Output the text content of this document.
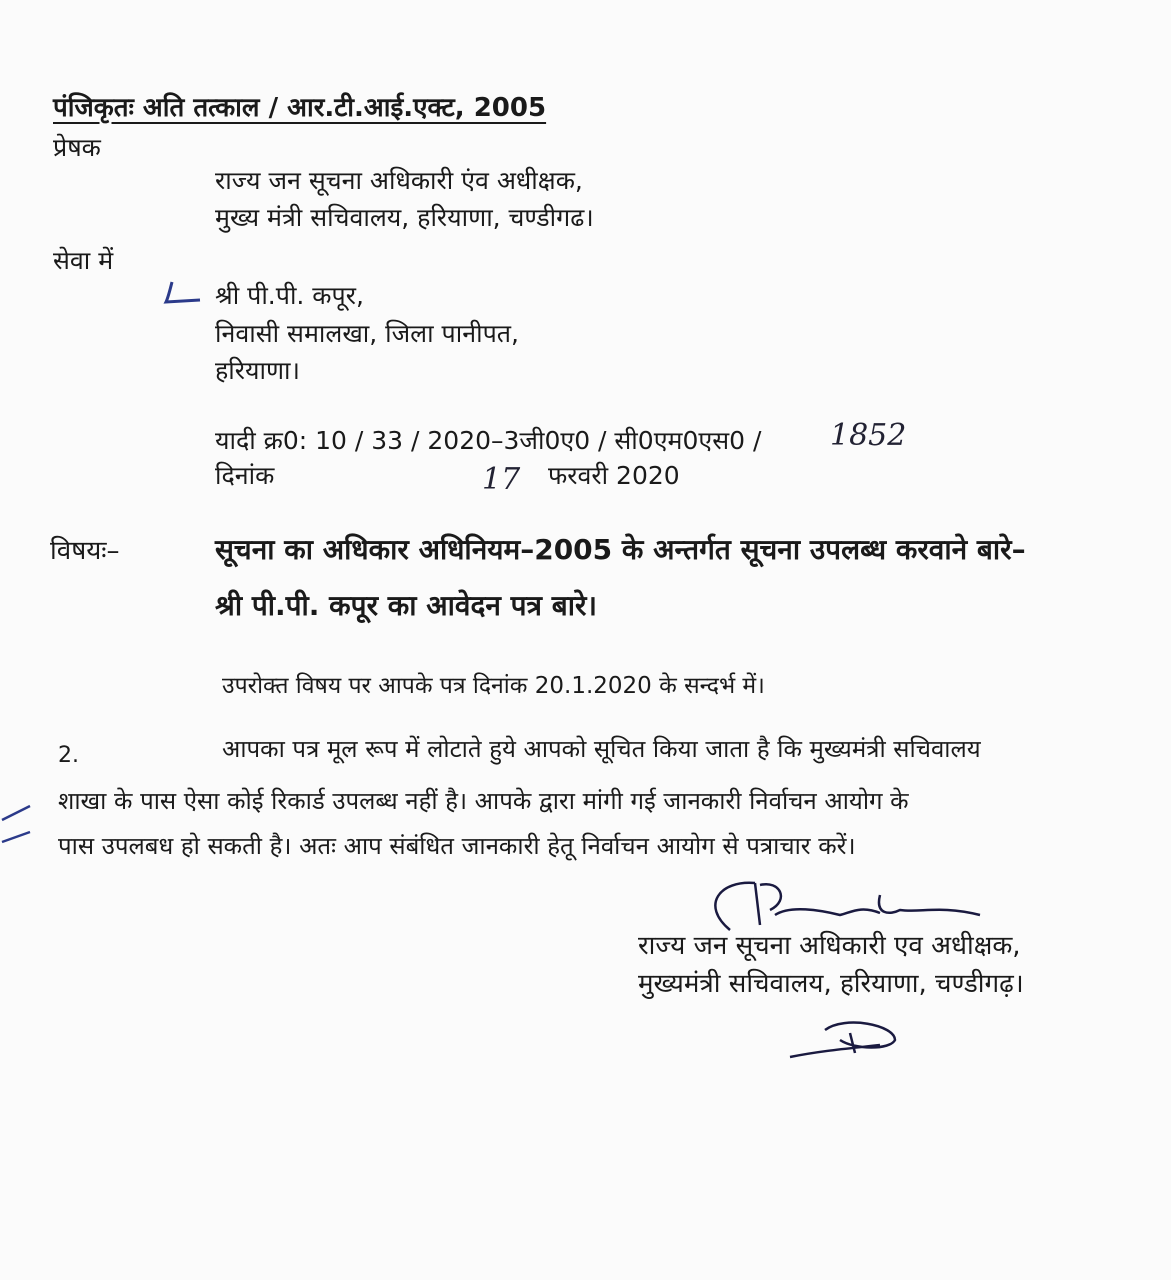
पंजिकृतः अति तत्काल / आर.टी.आई.एक्ट, 2005
प्रेषक
राज्य जन सूचना अधिकारी एंव अधीक्षक,
मुख्य मंत्री सचिवालय, हरियाणा, चण्डीगढ।
सेवा में
श्री पी.पी. कपूर,
निवासी समालखा, जिला पानीपत,
हरियाणा।
यादी क्र0: 10 / 33 / 2020–3जी0ए0 / सी0एम0एस0 / 1852
दिनांक	17 फरवरी 2020
विषयः–	सूचना का अधिकार अधिनियम–2005 के अन्तर्गत सूचना उपलब्ध करवाने बारे–
श्री पी.पी. कपूर का आवेदन पत्र बारे।
उपरोक्त विषय पर आपके पत्र दिनांक 20.1.2020 के सन्दर्भ में।
2.	आपका पत्र मूल रूप में लोटाते हुये आपको सूचित किया जाता है कि मुख्यमंत्री सचिवालय
शाखा के पास ऐसा कोई रिकार्ड उपलब्ध नहीं है। आपके द्वारा मांगी गई जानकारी निर्वाचन आयोग के
पास उपलबध हो सकती है। अतः आप संबंधित जानकारी हेतू निर्वाचन आयोग से पत्राचार करें।
राज्य जन सूचना अधिकारी एव अधीक्षक,
मुख्यमंत्री सचिवालय, हरियाणा, चण्डीगढ़।
